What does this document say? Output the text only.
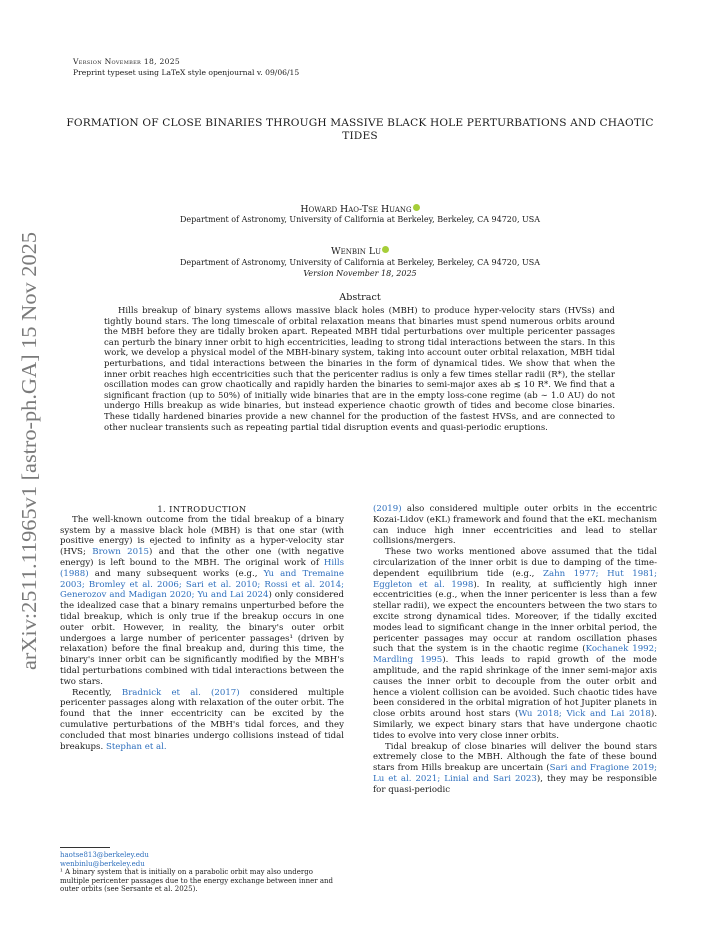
Version November 18, 2025
Preprint typeset using LaTeX style openjournal v. 09/06/15
arXiv:2511.11965v1 [astro-ph.GA] 15 Nov 2025
FORMATION OF CLOSE BINARIES THROUGH MASSIVE BLACK HOLE PERTURBATIONS AND CHAOTIC
TIDES
Howard Hao-Tse Huang
Department of Astronomy, University of California at Berkeley, Berkeley, CA 94720, USA
Wenbin Lu
Department of Astronomy, University of California at Berkeley, Berkeley, CA 94720, USA
Version November 18, 2025
Abstract
Hills breakup of binary systems allows massive black holes (MBH) to produce hyper-velocity stars (HVSs) and tightly bound stars. The long timescale of orbital relaxation means that binaries must spend numerous orbits around the MBH before they are tidally broken apart. Repeated MBH tidal perturbations over multiple pericenter passages can perturb the binary inner orbit to high eccentricities, leading to strong tidal interactions between the stars. In this work, we develop a physical model of the MBH-binary system, taking into account outer orbital relaxation, MBH tidal perturbations, and tidal interactions between the binaries in the form of dynamical tides. We show that when the inner orbit reaches high eccentricities such that the pericenter radius is only a few times stellar radii (R*), the stellar oscillation modes can grow chaotically and rapidly harden the binaries to semi-major axes ab ≲ 10 R*. We find that a significant fraction (up to 50%) of initially wide binaries that are in the empty loss-cone regime (ab ∼ 1.0 AU) do not undergo Hills breakup as wide binaries, but instead experience chaotic growth of tides and become close binaries. These tidally hardened binaries provide a new channel for the production of the fastest HVSs, and are connected to other nuclear transients such as repeating partial tidal disruption events and quasi-periodic eruptions.

1. INTRODUCTION

The well-known outcome from the tidal breakup of a binary system by a massive black hole (MBH) is that one star (with positive energy) is ejected to infinity as a hyper-velocity star (HVS; Brown 2015) and that the other one (with negative energy) is left bound to the MBH. The original work of Hills (1988) and many subsequent works (e.g., Yu and Tremaine 2003; Bromley et al. 2006; Sari et al. 2010; Rossi et al. 2014; Generozov and Madigan 2020; Yu and Lai 2024) only considered the idealized case that a binary remains unperturbed before the tidal breakup, which is only true if the breakup occurs in one outer orbit. However, in reality, the binary's outer orbit undergoes a large number of pericenter passages¹ (driven by relaxation) before the final breakup and, during this time, the binary's inner orbit can be significantly modified by the MBH's tidal perturbations combined with tidal interactions between the two stars.

Recently, Bradnick et al. (2017) considered multiple pericenter passages along with relaxation of the outer orbit. The found that the inner eccentricity can be excited by the cumulative perturbations of the MBH's tidal forces, and they concluded that most binaries undergo collisions instead of tidal breakups. Stephan et al.

(2019) also considered multiple outer orbits in the eccentric Kozai-Lidov (eKL) framework and found that the eKL mechanism can induce high inner eccentricities and lead to stellar collisions/mergers.

These two works mentioned above assumed that the tidal circularization of the inner orbit is due to damping of the time-dependent equilibrium tide (e.g., Zahn 1977; Hut 1981; Eggleton et al. 1998). In reality, at sufficiently high inner eccentricities (e.g., when the inner pericenter is less than a few stellar radii), we expect the encounters between the two stars to excite strong dynamical tides. Moreover, if the tidally excited modes lead to significant change in the inner orbital period, the pericenter passages may occur at random oscillation phases such that the system is in the chaotic regime (Kochanek 1992; Mardling 1995). This leads to rapid growth of the mode amplitude, and the rapid shrinkage of the inner semi-major axis causes the inner orbit to decouple from the outer orbit and hence a violent collision can be avoided. Such chaotic tides have been considered in the orbital migration of hot Jupiter planets in close orbits around host stars (Wu 2018; Vick and Lai 2018). Similarly, we expect binary stars that have undergone chaotic tides to evolve into very close inner orbits.

Tidal breakup of close binaries will deliver the bound stars extremely close to the MBH. Although the fate of these bound stars from Hills breakup are uncertain (Sari and Fragione 2019; Lu et al. 2021; Linial and Sari 2023), they may be responsible for quasi-periodic

haotse813@berkeley.edu
wenbinlu@berkeley.edu
¹ A binary system that is initially on a parabolic orbit may also undergo multiple pericenter passages due to the energy exchange between inner and outer orbits (see Sersante et al. 2025).
